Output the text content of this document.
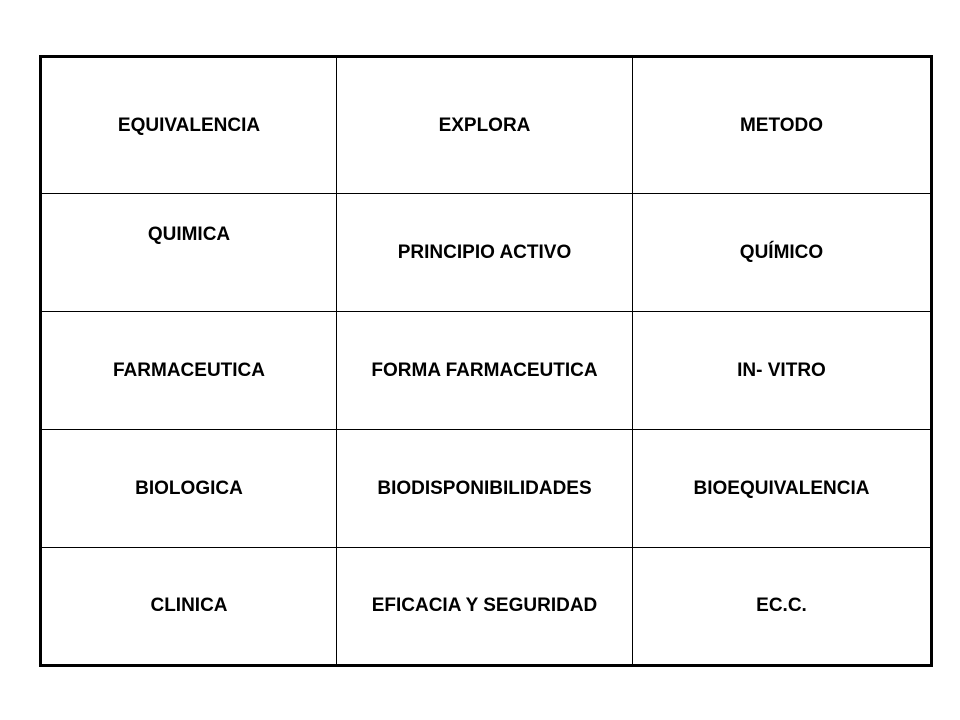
EQUIVALENCIA	EXPLORA	METODO
QUIMICA	PRINCIPIO ACTIVO	QUÍMICO
FARMACEUTICA	FORMA FARMACEUTICA	IN- VITRO
BIOLOGICA	BIODISPONIBILIDADES	BIOEQUIVALENCIA
CLINICA	EFICACIA Y SEGURIDAD	EC.C.
